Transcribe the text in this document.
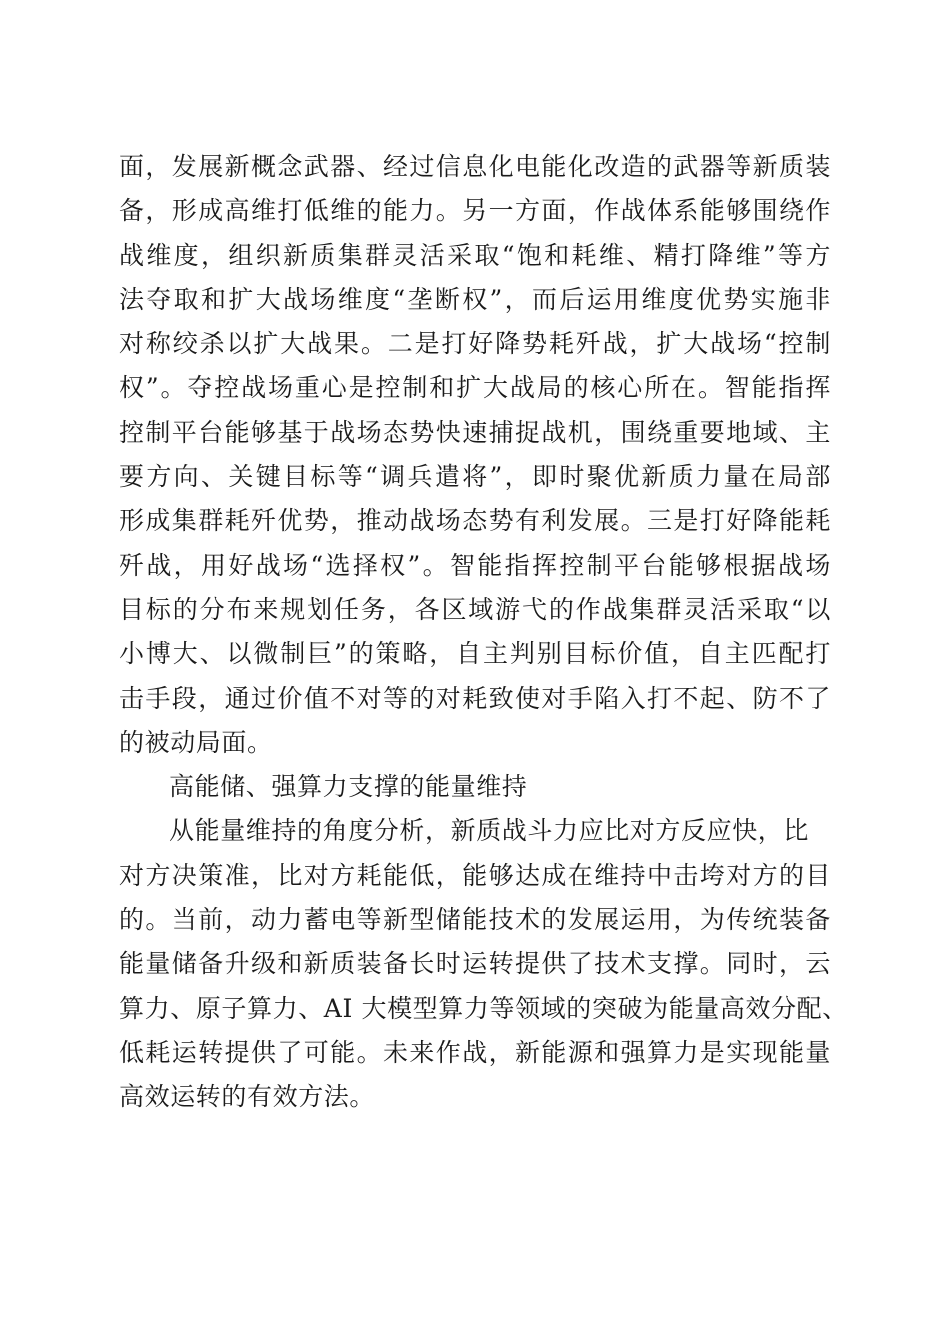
面，发展新概念武器、经过信息化电能化改造的武器等新质装
备，形成高维打低维的能力。另一方面，作战体系能够围绕作
战维度，组织新质集群灵活采取“饱和耗维、精打降维”等方
法夺取和扩大战场维度“垄断权”，而后运用维度优势实施非
对称绞杀以扩大战果。二是打好降势耗歼战，扩大战场“控制
权”。夺控战场重心是控制和扩大战局的核心所在。智能指挥
控制平台能够基于战场态势快速捕捉战机，围绕重要地域、主
要方向、关键目标等“调兵遣将”，即时聚优新质力量在局部
形成集群耗歼优势，推动战场态势有利发展。三是打好降能耗
歼战，用好战场“选择权”。智能指挥控制平台能够根据战场
目标的分布来规划任务，各区域游弋的作战集群灵活采取“以
小博大、以微制巨”的策略，自主判别目标价值，自主匹配打
击手段，通过价值不对等的对耗致使对手陷入打不起、防不了
的被动局面。
高能储、强算力支撑的能量维持
从能量维持的角度分析，新质战斗力应比对方反应快，比
对方决策准，比对方耗能低，能够达成在维持中击垮对方的目
的。当前，动力蓄电等新型储能技术的发展运用，为传统装备
能量储备升级和新质装备长时运转提供了技术支撑。同时，云
算力、原子算力、AI 大模型算力等领域的突破为能量高效分配、
低耗运转提供了可能。未来作战，新能源和强算力是实现能量
高效运转的有效方法。
